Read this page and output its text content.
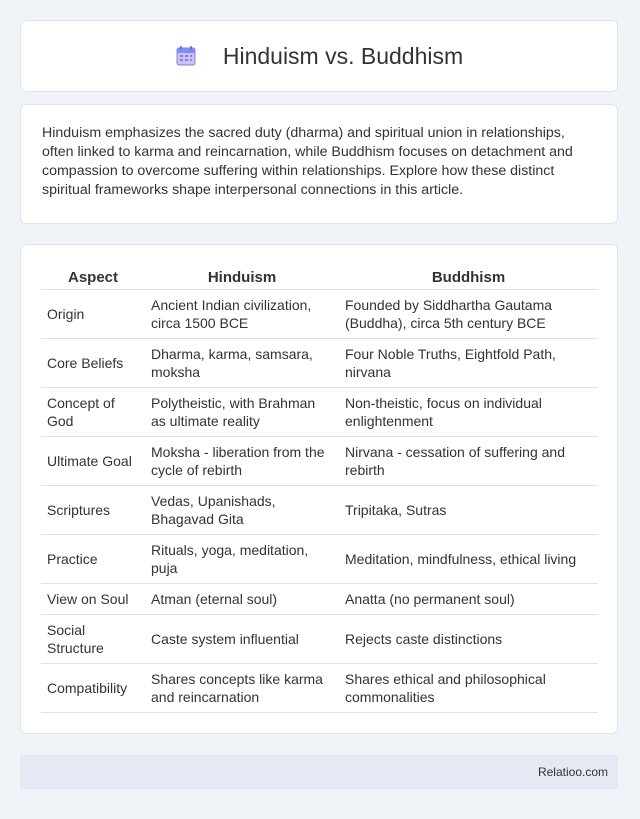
Hinduism vs. Buddhism

Hinduism emphasizes the sacred duty (dharma) and spiritual union in relationships, often linked to karma and reincarnation, while Buddhism focuses on detachment and compassion to overcome suffering within relationships. Explore how these distinct spiritual frameworks shape interpersonal connections in this article.

Aspect	Hinduism	Buddhism
Origin	Ancient Indian civilization, circa 1500 BCE	Founded by Siddhartha Gautama (Buddha), circa 5th century BCE
Core Beliefs	Dharma, karma, samsara, moksha	Four Noble Truths, Eightfold Path, nirvana
Concept of God	Polytheistic, with Brahman as ultimate reality	Non-theistic, focus on individual enlightenment
Ultimate Goal	Moksha - liberation from the cycle of rebirth	Nirvana - cessation of suffering and rebirth
Scriptures	Vedas, Upanishads, Bhagavad Gita	Tripitaka, Sutras
Practice	Rituals, yoga, meditation, puja	Meditation, mindfulness, ethical living
View on Soul	Atman (eternal soul)	Anatta (no permanent soul)
Social Structure	Caste system influential	Rejects caste distinctions
Compatibility	Shares concepts like karma and reincarnation	Shares ethical and philosophical commonalities
Relatioo.com
